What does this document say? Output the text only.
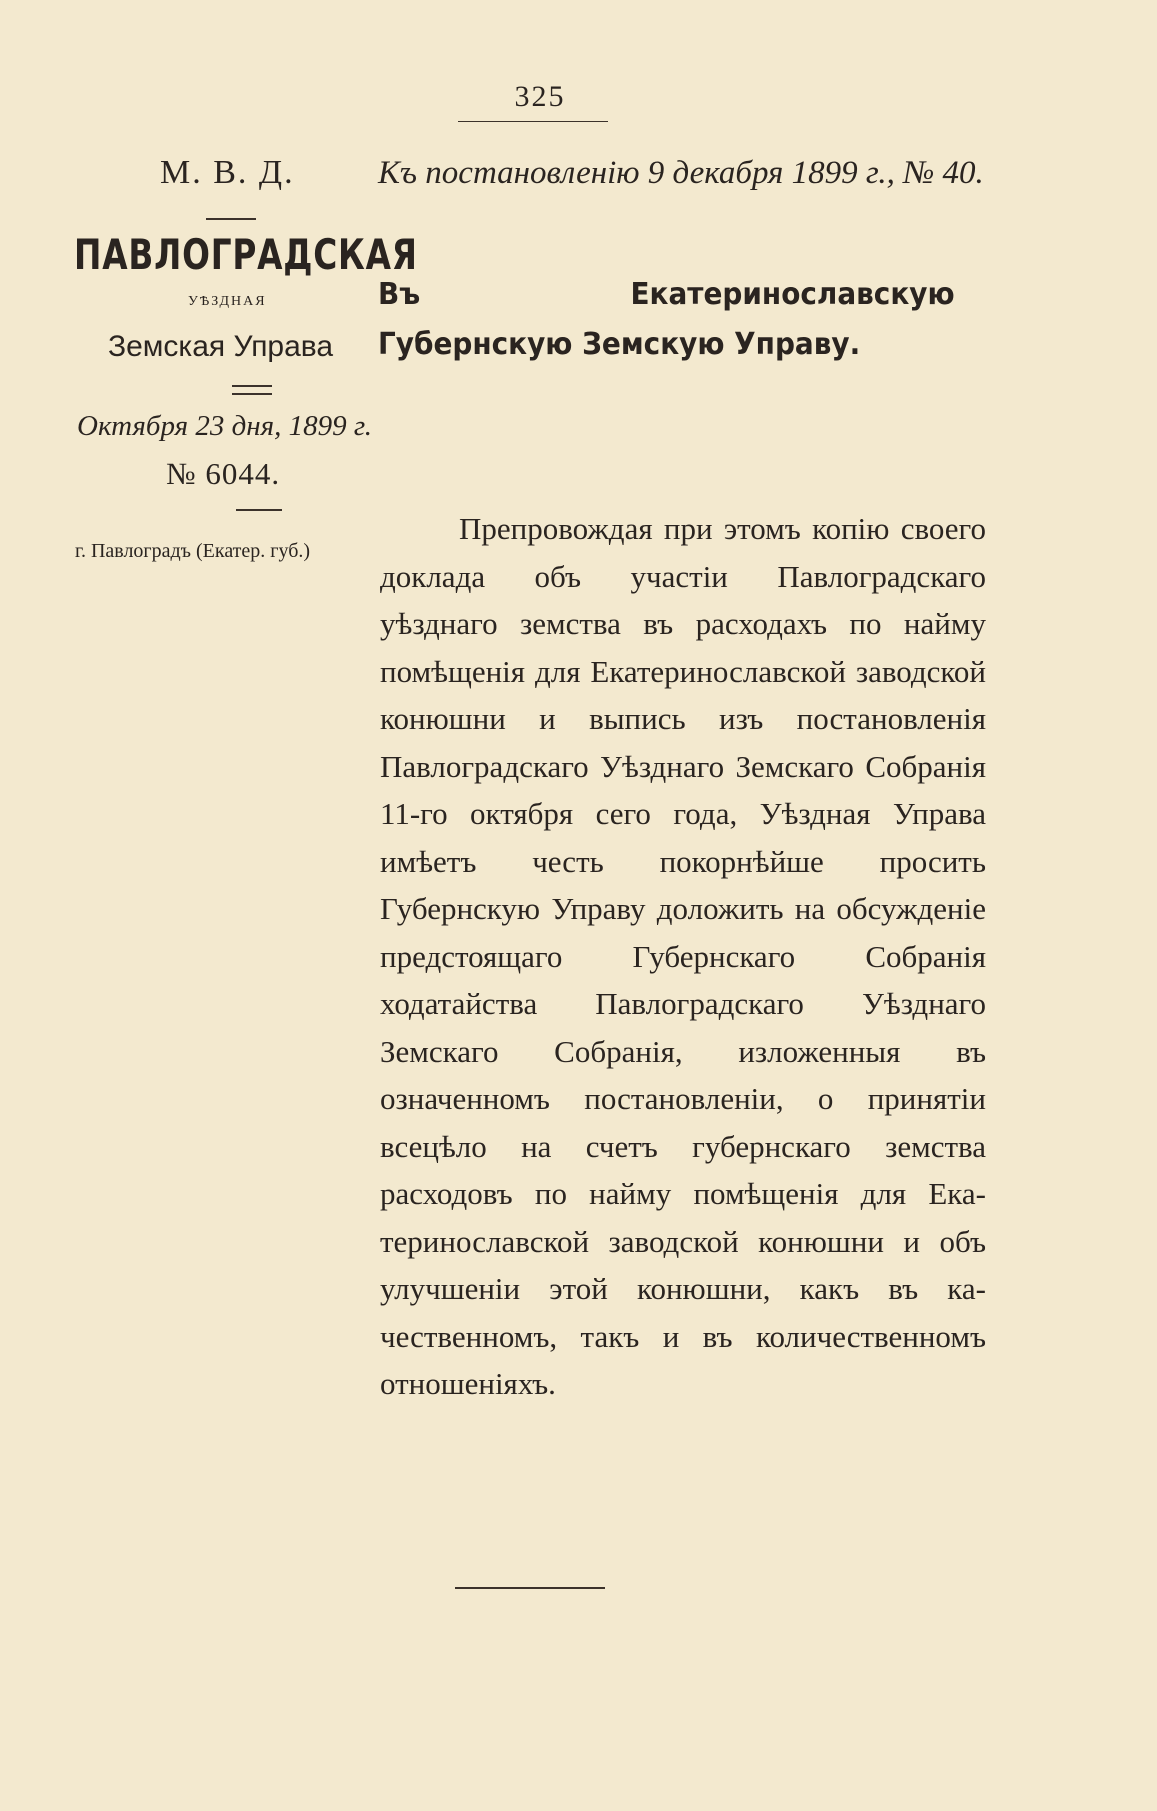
325
М. В. Д.	Къ постановленію 9 декабря 1899 г., № 40.
ПАВЛОГРАДСКАЯ
УѢЗДНАЯ
Земская Управа
Въ Екатеринославскую Губернскую Земскую Управу.
Октября 23 дня, 1899 г.
№ 6044.
г. Павлоградъ (Екатер. губ.)
Препровождая при этомъ копію своего доклада объ участіи Павлоградскаго уѣзднаго земства въ расходахъ по найму помѣщенія для Екатеринославской заводской конюшни и выпись изъ постановленія Павлоградскаго Уѣзднаго Земскаго Собранія 11-го октября сего года, Уѣздная Управа имѣетъ честь покорнѣйше просить Губернскую Управу доложить на обсужденіе предстоящаго Губернскаго Собранія ходатайства Павлоградскаго Уѣзднаго Земскаго Собранія, изложенныя въ означенномъ постановленіи, о принятіи всецѣло на счетъ губернскаго земства расходовъ по найму помѣщенія для Екатеринославской заводской конюшни и объ улучшеніи этой конюшни, какъ въ качественномъ, такъ и въ количественномъ отношеніяхъ.
